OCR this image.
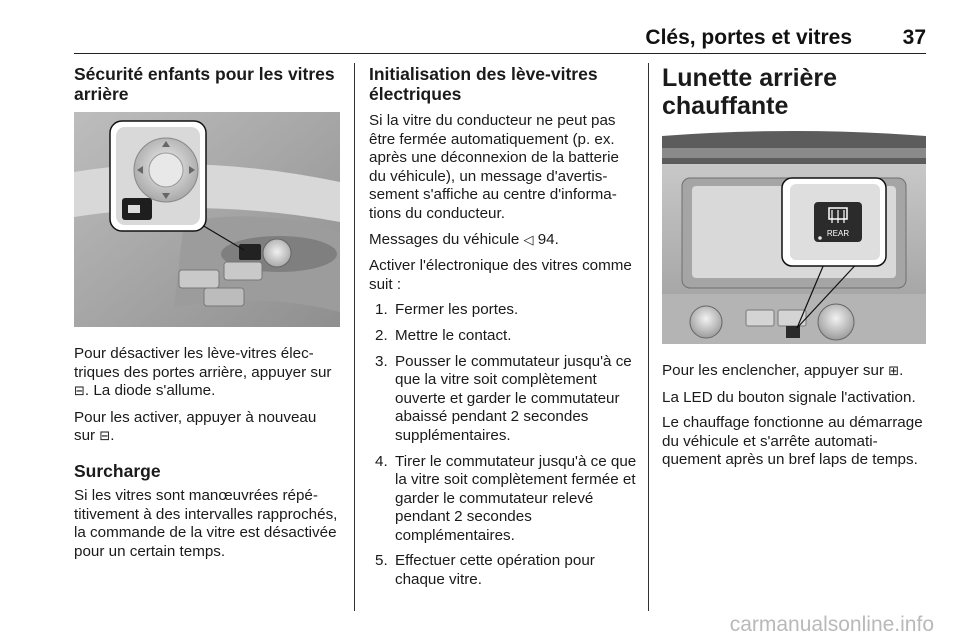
Clés, portes et vitres	37
Sécurité enfants pour les vitres arrière

Pour désactiver les lève-vitres électriques des portes arrière, appuyer sur ⊟. La diode s'allume.

Pour les activer, appuyer à nouveau sur ⊟.

Surcharge

Si les vitres sont manœuvrées répétitivement à des intervalles rapprochés, la commande de la vitre est désactivée pour un certain temps.

Initialisation des lève-vitres électriques

Si la vitre du conducteur ne peut pas être fermée automatiquement (p. ex. après une déconnexion de la batterie du véhicule), un message d'avertissement s'affiche au centre d'informations du conducteur.

Messages du véhicule ◁ 94.

Activer l'électronique des vitres comme suit :

1. Fermer les portes.
2. Mettre le contact.
3. Pousser le commutateur jusqu'à ce que la vitre soit complètement ouverte et garder le commutateur abaissé pendant 2 secondes supplémentaires.
4. Tirer le commutateur jusqu'à ce que la vitre soit complètement fermée et garder le commutateur relevé pendant 2 secondes complémentaires.
5. Effectuer cette opération pour chaque vitre.
Lunette arrière chauffante
REAR

Pour les enclencher, appuyer sur ⊞.

La LED du bouton signale l'activation.

Le chauffage fonctionne au démarrage du véhicule et s'arrête automatiquement après un bref laps de temps.

carmanualsonline.info
